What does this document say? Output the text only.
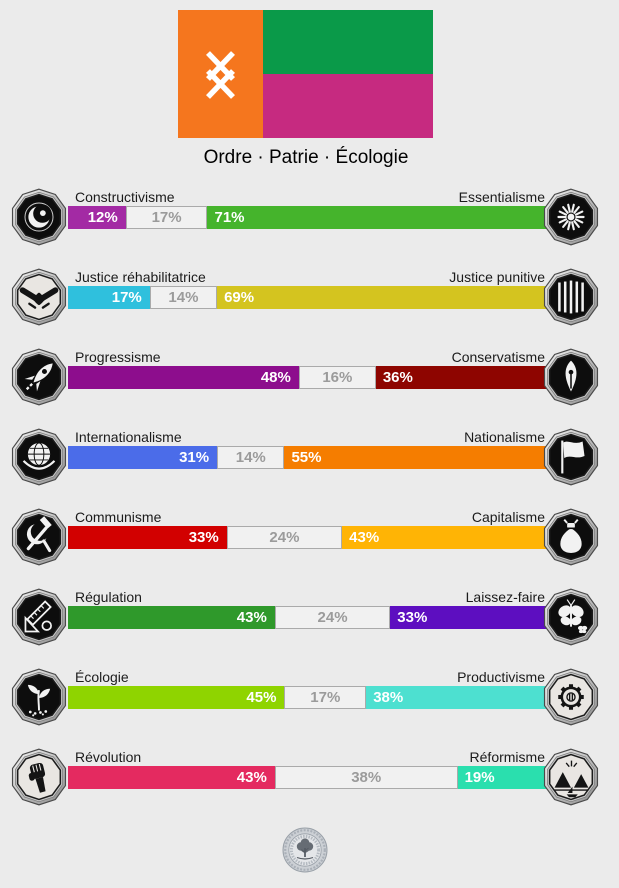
Ordre · Patrie · Écologie
Constructivisme	Essentialisme
12%	17%	71%
Justice réhabilitatrice	Justice punitive
17%	14%	69%
Progressisme	Conservatisme
48%	16%	36%
Internationalisme	Nationalisme
31%	14%	55%
Communisme	Capitalisme
33%	24%	43%
Régulation	Laissez-faire
43%	24%	33%
Écologie	Productivisme
45%	17%	38%
Révolution	Réformisme
43%	38%	19%
